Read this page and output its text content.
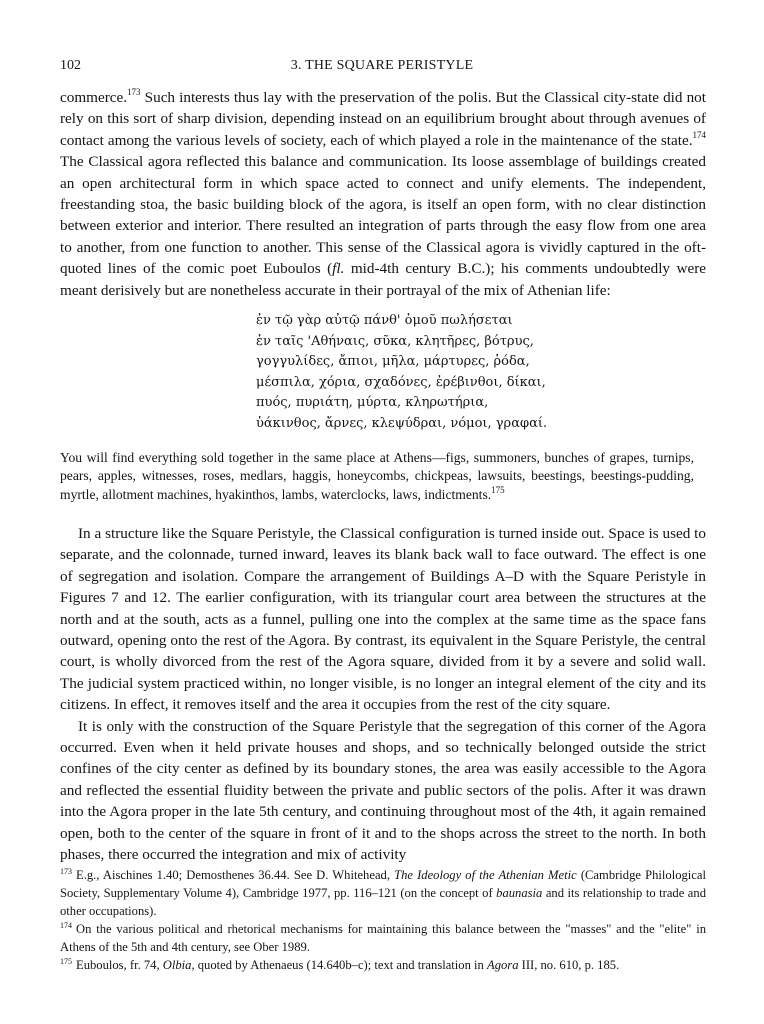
102	3. THE SQUARE PERISTYLE

commerce.$^{173}$ Such interests thus lay with the preservation of the polis. But the Classical city-state did not rely on this sort of sharp division, depending instead on an equilibrium brought about through avenues of contact among the various levels of society, each of which played a role in the maintenance of the state.$^{174}$ The Classical agora reflected this balance and communication. Its loose assemblage of buildings created an open architectural form in which space acted to connect and unify elements. The independent, freestanding stoa, the basic building block of the agora, is itself an open form, with no clear distinction between exterior and interior. There resulted an integration of parts through the easy flow from one area to another, from one function to another. This sense of the Classical agora is vividly captured in the oft-quoted lines of the comic poet Euboulos (fl. mid-4th century B.C.); his comments undoubtedly were meant derisively but are nonetheless accurate in their portrayal of the mix of Athenian life:

ἐν τῷ γὰρ αὐτῷ πάνθ' ὁμοῦ πωλήσεται
ἐν ταῖς 'Αθήναις, σῦκα, κλητῆρες, βότρυς,
γογγυλίδες, ἄπιοι, μῆλα, μάρτυρες, ῥόδα,
μέσπιλα, χόρια, σχαδόνες, ἐρέβινθοι, δίκαι,
πυός, πυριάτη, μύρτα, κληρωτήρια,
ὑάκινθος, ἄρνες, κλεψύδραι, νόμοι, γραφαί.

You will find everything sold together in the same place at Athens—figs, summoners, bunches of grapes, turnips, pears, apples, witnesses, roses, medlars, haggis, honeycombs, chickpeas, lawsuits, beestings, beestings-pudding, myrtle, allotment machines, hyakinthos, lambs, waterclocks, laws, indictments.$^{175}$

In a structure like the Square Peristyle, the Classical configuration is turned inside out. Space is used to separate, and the colonnade, turned inward, leaves its blank back wall to face outward. The effect is one of segregation and isolation. Compare the arrangement of Buildings A–D with the Square Peristyle in Figures 7 and 12. The earlier configuration, with its triangular court area between the structures at the north and at the south, acts as a funnel, pulling one into the complex at the same time as the space fans outward, opening onto the rest of the Agora. By contrast, its equivalent in the Square Peristyle, the central court, is wholly divorced from the rest of the Agora square, divided from it by a severe and solid wall. The judicial system practiced within, no longer visible, is no longer an integral element of the city and its citizens. In effect, it removes itself and the area it occupies from the rest of the city square.

It is only with the construction of the Square Peristyle that the segregation of this corner of the Agora occurred. Even when it held private houses and shops, and so technically belonged outside the strict confines of the city center as defined by its boundary stones, the area was easily accessible to the Agora and reflected the essential fluidity between the private and public sectors of the polis. After it was drawn into the Agora proper in the late 5th century, and continuing throughout most of the 4th, it again remained open, both to the center of the square in front of it and to the shops across the street to the north. In both phases, there occurred the integration and mix of activity

$^{173}$ E.g., Aischines 1.40; Demosthenes 36.44. See D. Whitehead, The Ideology of the Athenian Metic (Cambridge Philological Society, Supplementary Volume 4), Cambridge 1977, pp. 116–121 (on the concept of baunasia and its relationship to trade and other occupations).
$^{174}$ On the various political and rhetorical mechanisms for maintaining this balance between the "masses" and the "elite" in Athens of the 5th and 4th century, see Ober 1989.
$^{175}$ Euboulos, fr. 74, Olbia, quoted by Athenaeus (14.640b–c); text and translation in Agora III, no. 610, p. 185.
